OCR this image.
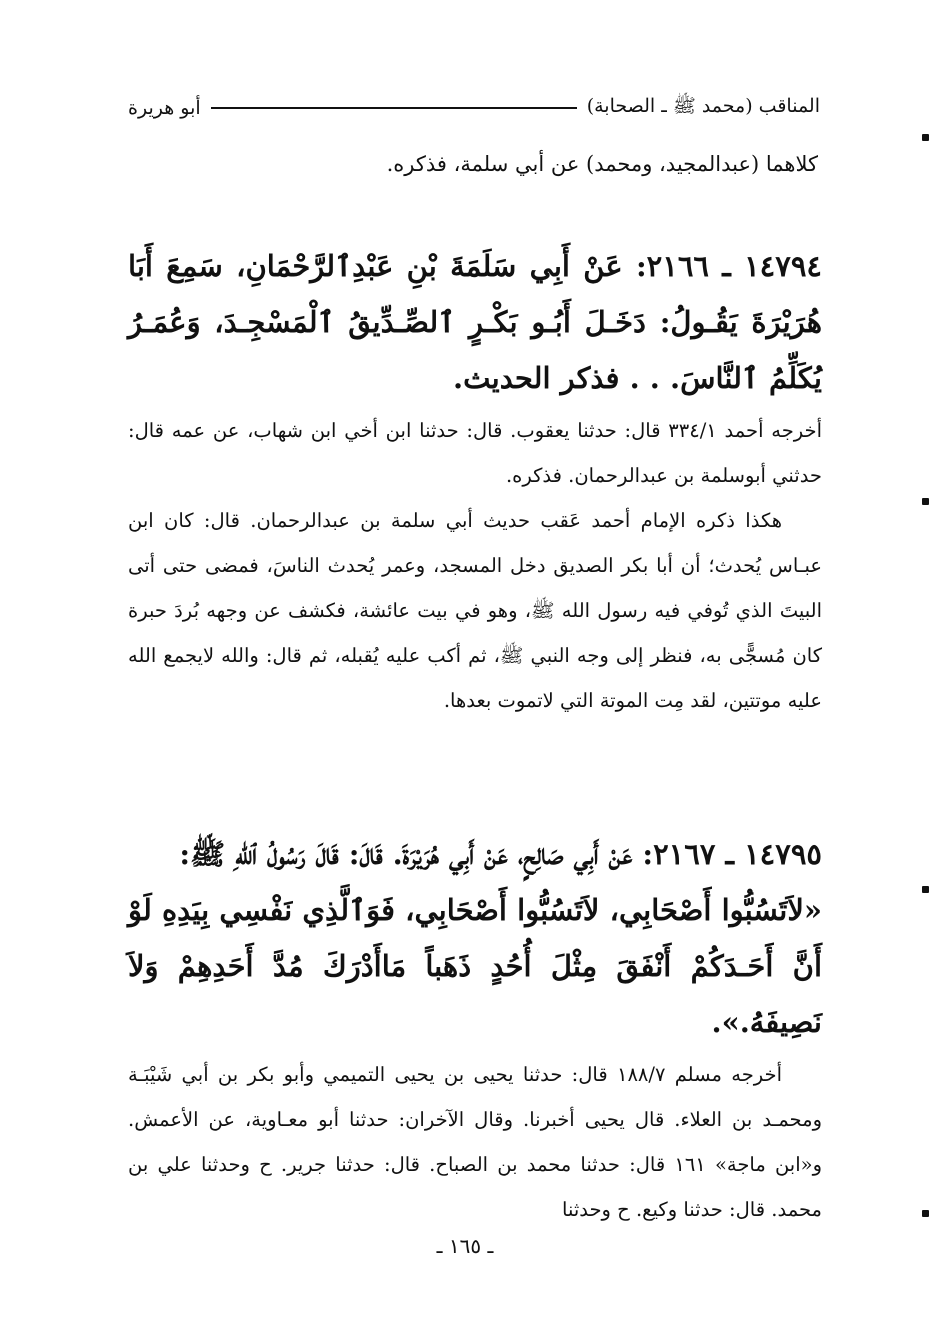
المناقب (محمد ﷺ ـ الصحابة)
أبو هريرة
كلاهما (عبدالمجيد، ومحمد) عن أبي سلمة، فذكره.
١٤٧٩٤ ـ ٢١٦٦: عَنْ أَبِي سَلَمَةَ بْنِ عَبْدِٱلرَّحْمَانِ، سَمِعَ أَبَا هُرَيْرَةَ يَقُـولُ: دَخَـلَ أَبُـو بَكْـرٍ ٱلصِّـدِّيقُ ٱلْمَسْجِـدَ، وَعُمَـرُ يُكَلِّمُ ٱلنَّاسَ. . . فذكر الحديث.
أخرجه أحمد ٣٣٤/١ قال: حدثنا يعقوب. قال: حدثنا ابن أخي ابن شهاب، عن عمه قال: حدثني أبوسلمة بن عبدالرحمان. فذكره.
هكذا ذكره الإمام أحمد عَقب حديث أبي سلمة بن عبدالرحمان. قال: كان ابن عبـاس يُحدث؛ أن أبا بكر الصديق دخل المسجد، وعمر يُحدث الناسَ، فمضى حتى أتى البيتَ الذي تُوفي فيه رسول الله ﷺ، وهو في بيت عائشة، فكشف عن وجهه بُردَ حبرة كان مُسجًّى به، فنظر إلى وجه النبي ﷺ، ثم أكب عليه يُقبله، ثم قال: والله لايجمع الله عليه موتتين، لقد مِت الموتة التي لاتموت بعدها.
١٤٧٩٥ ـ ٢١٦٧: عَنْ أَبِي صَالِحٍ، عَنْ أَبِي هُرَيْرَةَ. قَالَ: قَالَ رَسُولُ ٱللهِ ﷺ:
«لاَتَسُبُّوا أَصْحَابِي، لاَتَسُبُّوا أَصْحَابِي، فَوَٱلَّذِي نَفْسِي بِيَدِهِ لَوْ أَنَّ أَحَـدَكُمْ أَنْفَقَ مِثْلَ أُحُدٍ ذَهَباً مَاأَدْرَكَ مُدَّ أَحَدِهِمْ وَلاَ نَصِيفَهُ.».
أخرجه مسلم ١٨٨/٧ قال: حدثنا يحيى بن يحيى التميمي وأبو بكر بن أبي شَيْبَـة ومحمـد بن العلاء. قال يحيى أخبرنا. وقال الآخران: حدثنا أبو معـاوية، عن الأعمش. و«ابن ماجة» ١٦١ قال: حدثنا محمد بن الصباح. قال: حدثنا جرير. ح وحدثنا علي بن محمد. قال: حدثنا وكيع. ح وحدثنا
ـ ١٦٥ ـ
